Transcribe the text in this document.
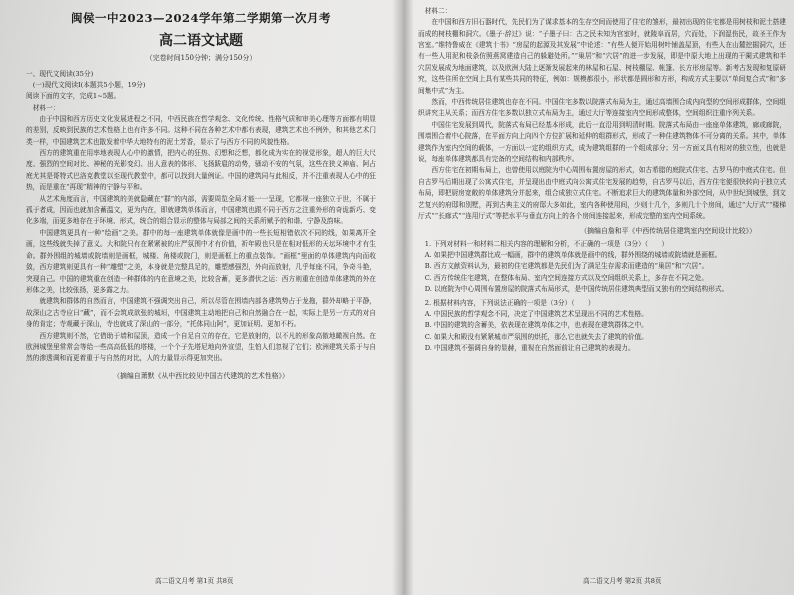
闽侯一中2023—2024学年第二学期第一次月考
高二语文试题
（完卷时间150分钟；满分150分）
一、现代文阅读(35分)
(一)现代文阅读Ⅰ(本题共5小题，19分)
阅读下面的文字，完成1~5题。
材料一：

由于中国和西方历史文化发展进程之不同，中西民族在哲学观念、文化传统、性格气质和审美心理等方面都有明显的差别，反映到民族的艺术性格上也有许多不同。这种不同在各种艺术中都有表现，建筑艺术也不例外，和其他艺术门类一样，中国建筑艺术也散发着中华大地特有的泥土芳香，显示了与西方不同的风貌性格。

西方的建筑重在用率地表现人心中的激情，把内心的狂热、幻想和泛想，都化成为实在的视觉形象，超人的巨大尺度、强烈的空间对比、神秘的光影变幻、出人意表的体形、飞扬跋扈的动势，骚动不安的气氛，这些在狭义神庙、阿占庭尤其是哥特式巴洛克教堂以至现代教堂中，都可以找到大量例证。中国的建筑同与此相反，并不注重表现人心中的狂热，而是重在“再现”精神的宁静与平和。

从艺术角度而言，中国建筑的美就隐藏在“群”的内部，需要周览全局才能一一呈现，它都视一座独立于世，不属于孤于者成，因而也就加含蓄温文，更为内在，即就建筑单体而言，中国建筑也跟不同于西方之注重外形的奇诡新巧、变化多端，而更多地存在于环境、形式，统合的组合显示的整体与局部之间的关系所赋予的和谐、宁静及韵味。

中国建筑更具有一种“绘画”之美。群中的每一座建筑单体就像是画中的一些长短相错依次不同的线，如果离开全画，这些线就失掉了意义。大和院只有在紧紧被的庄严氛围中才有价值，祈年殿也只是在相对低形的天坛环境中才有生命。群外围组的城墙或院墙则是画框，城楼、角楼或院门，则是画框上的重点装饰。“画框”里面的单体建筑内向而收敛，西方建筑则更具有一种“雕塑”之美，本身就是完整具足的，雕塑感强烈，外向而放射，几乎每座不同，争奇斗艳，突现自己。中国的建筑重在创造一种群体的内在意境之美，比较含蓄，更多潜伏之运：西方则重在创造单体建筑的外在形体之美，比较张扬，更多露之力。

就建筑和群体的自然而言，中国建筑不强调突出自己，所以尽管在围墙内部各建筑势占于龙拖，群外却略于平静，故深山之古寺应曰“藏”，而不会筑成欲张的城垣，中国建筑主动地把自己和自然融合在一起，实际上是另一方式的对自身的肯定；寺观藏于深山，寺也就成了深山的一部分，“托体同山阿”，更加证明、更加不朽。

西方建筑则不然，它借助于墙和屋顶，造成一个自足自立的存在，它是放射的，以不凡的形象高傲地瞰视自然。在欧洲城堡里常常会等给一些高高低低的塔楼，一个个子先塔尼地向外宣望，生怕人们忽视了它们；欧洲建筑关系于与自然的渗透调和而更着重于与自然的对比，人的力量显示得更加突出。

（摘编自萧默《从中西比较见中国古代建筑的艺术性格》）
高二语文月考 第1页 共8页
材料二：

在中国和西方旧石器时代，先民们为了谋求基本的生存空间而使用了住宅的雏形，最初出现的住宅都是用树枝和泥土搭建而成的树枝棚和洞穴。《墨子·辞过》说：“子墨子曰：古之民未知为宫室时，就陵阜而居，穴而处，下润湿伤民，故圣王作为宫室。”维特鲁威在《建筑十书》“房屋的起源及其发展”中论述：“有些人便开始用树叶铺盖屋顶，有些人在山麓挖掘洞穴，还有一些人用泥和枝条仿照燕窝建造自己的躲避处所。”“巢居”和“穴居”的进一步发展，即是中原大地上出现的干阑式建筑和半穴居发展成为地面建筑，以及欧洲大陆上逐渐发展起来的林屋和石屋、树枝棚屋、帐篷、长方形房屋等。新考古发现和复原研究，这些住所在空间上具有某些共同的特征，例如：规模都很小，形状都是圆形和方形，构成方式主要以“单间复合式”和“多间集中式”为主。

然而，中西传统居住建筑也存在不同。中国住宅多数以院落式布局为主，通过高墙围合成内向型的空间形成群体，空间组织讲究主从关系；而西方住宅多数以独立式布局为主，通过大厅等连接室内空间形成整体，空间组织注重序列关系。

中国住宅发展到周代，院落式布局已经基本形成，此后一直沿用到明清时期。院落式布局由一座座单体建筑，廊或廊院，围墙围合着中心院落，在平面方向上向四个方位扩展和延伸的组群形式，形成了一种住建筑物体不可分离的关系。其中，单体建筑作为室内空间的载体，一方面以一定的组织方式，成为建筑组群的一个组成部分；另一方面又具有相对的独立性，也就是说，每座单体建筑都具有完备的空间结构和内部秩序。

西方住宅在初期布局上，也曾使用以庭院为中心周围布置房屋的形式，如古希腊的庭院式住宅、古罗马的中庭式住宅。但自古罗马后期出现了公寓式住宅，并呈现出由中庭式向公寓式住宅发展的趋势，自古罗马以后，西方住宅便很快转向于独立式布局，即把厨房宽敞的单体建筑分并起来，组合成独立式住宅。不断追求巨大的建筑体量和外部空间，从中世纪到城堡，到文艺复兴的府邸和别墅，再到古典主义的府邸大多如此，室内各种使用间，少则十几个，多则几十个房间，通过“大厅式”“楼梯厅式”“长廊式”“连用厅式”等把水平与垂直方向上的各个房间连接起来，形成完整的室内空间系统。

（摘编自詹和平《中西传统居住建筑室内空间设计比较》）

1. 下列对材料一和材料二相关内容的理解和分析，不正确的一项是（3分）（　　）

A. 如果把中国建筑群比成一幅画，群中的建筑单体就是画中的线，群外围绕的城墙或院墙就是画框。

B. 西方文献资料认为，最初的住宅建筑都是先民们为了满足生存需求而建造的“巢居”和“穴居”。

C. 西方传统住宅建筑，在整体布局、室内空间连接方式以及空间组织关系上，多存在不同之处。

D. 以庭院为中心周围布置房屋的院落式布局形式，是中国传统居住建筑典型而又独有的空间结构形式。

2. 根据材料内容，下列说法正确的一项是（3分）（　　）

A. 中国民族的哲学观念不同，决定了中国建筑艺术呈现出不同的艺术性格。

B. 中国的建筑的含蓄美，依表现在建筑单体之中，也表现在建筑群体之中。

C. 如果大和殿没有紧紧城市严氛围的烘托，那么它也就失去了建筑的价值。

D. 中国建筑不强调自身的显赫，重视在自然面前让自己建筑的表现力。

高二语文月考 第2页 共8页
